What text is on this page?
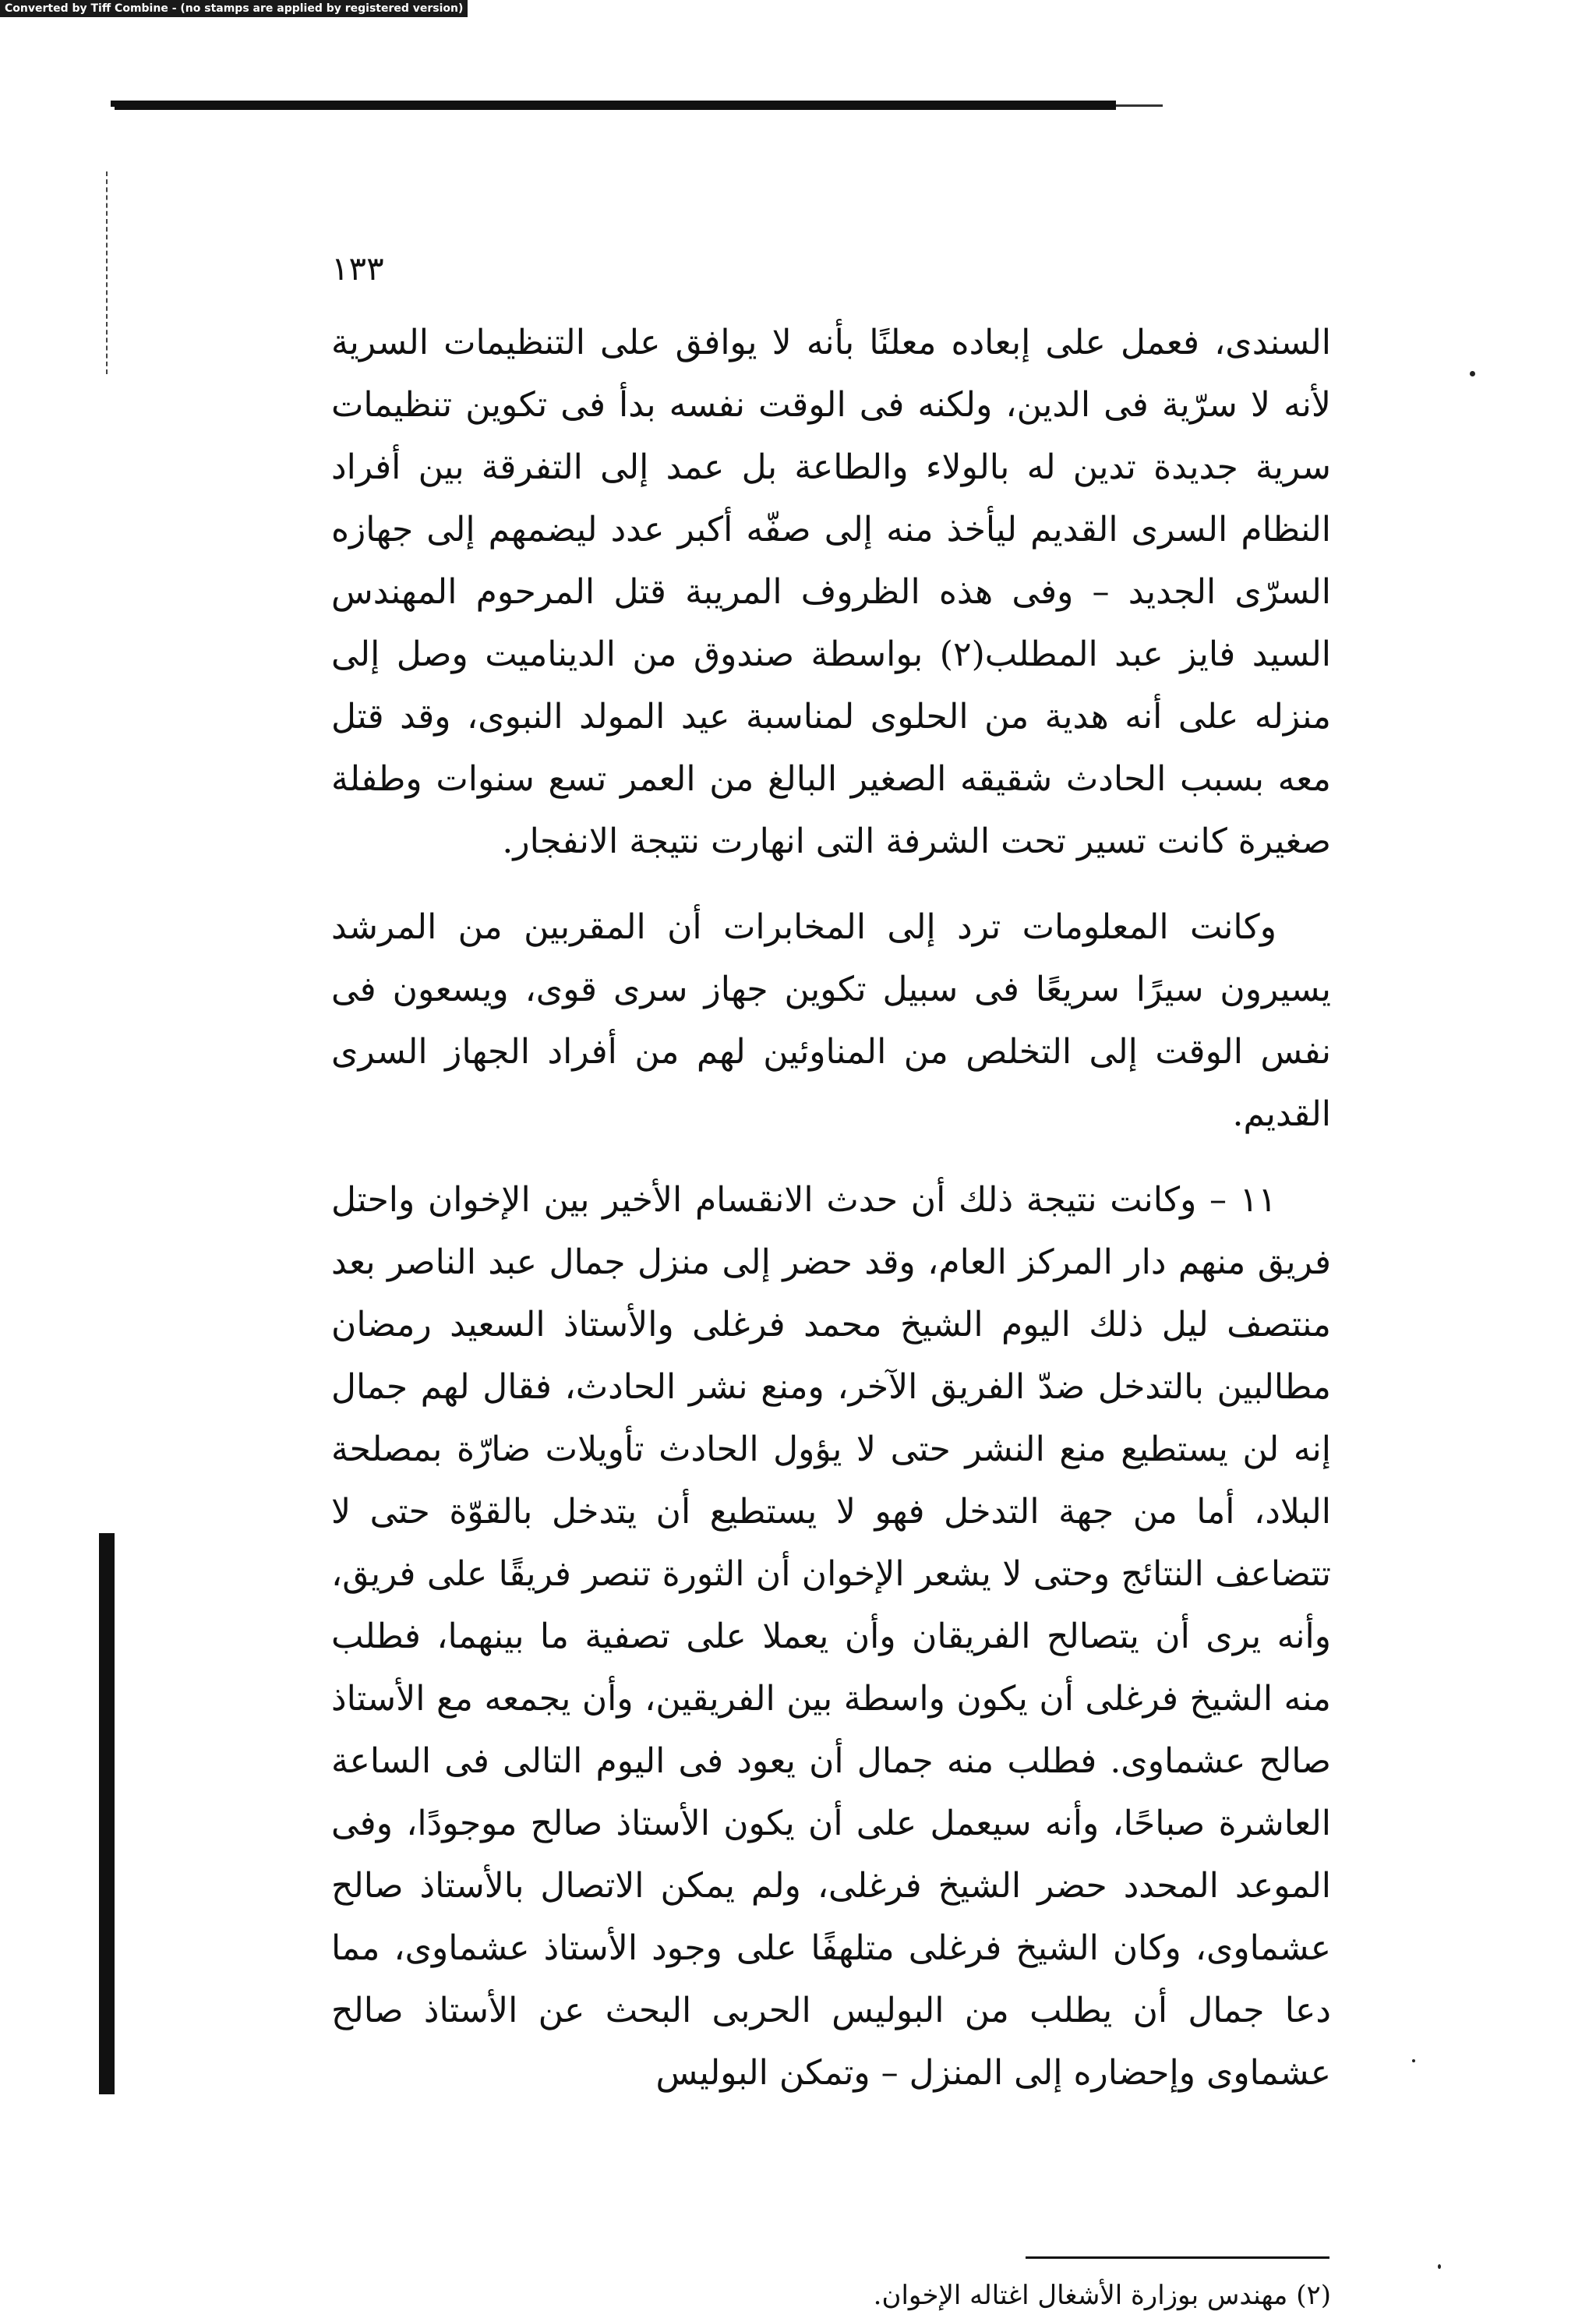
Converted by Tiff Combine - (no stamps are applied by registered version)
١٣٣

السندى، فعمل على إبعاده معلنًا بأنه لا يوافق على التنظيمات السرية لأنه لا سرّية فى الدين، ولكنه فى الوقت نفسه بدأ فى تكوين تنظيمات سرية جديدة تدين له بالولاء والطاعة بل عمد إلى التفرقة بين أفراد النظام السرى القديم ليأخذ منه إلى صفّه أكبر عدد ليضمهم إلى جهازه السرّى الجديد – وفى هذه الظروف المريبة قتل المرحوم المهندس السيد فايز عبد المطلب(٢) بواسطة صندوق من الديناميت وصل إلى منزله على أنه هدية من الحلوى لمناسبة عيد المولد النبوى، وقد قتل معه بسبب الحادث شقيقه الصغير البالغ من العمر تسع سنوات وطفلة صغيرة كانت تسير تحت الشرفة التى انهارت نتيجة الانفجار.

وكانت المعلومات ترد إلى المخابرات أن المقربين من المرشد يسيرون سيرًا سريعًا فى سبيل تكوين جهاز سرى قوى، ويسعون فى نفس الوقت إلى التخلص من المناوئين لهم من أفراد الجهاز السرى القديم.

١١ – وكانت نتيجة ذلك أن حدث الانقسام الأخير بين الإخوان واحتل فريق منهم دار المركز العام، وقد حضر إلى منزل جمال عبد الناصر بعد منتصف ليل ذلك اليوم الشيخ محمد فرغلى والأستاذ السعيد رمضان مطالبين بالتدخل ضدّ الفريق الآخر، ومنع نشر الحادث، فقال لهم جمال إنه لن يستطيع منع النشر حتى لا يؤول الحادث تأويلات ضارّة بمصلحة البلاد، أما من جهة التدخل فهو لا يستطيع أن يتدخل بالقوّة حتى لا تتضاعف النتائج وحتى لا يشعر الإخوان أن الثورة تنصر فريقًا على فريق، وأنه يرى أن يتصالح الفريقان وأن يعملا على تصفية ما بينهما، فطلب منه الشيخ فرغلى أن يكون واسطة بين الفريقين، وأن يجمعه مع الأستاذ صالح عشماوى. فطلب منه جمال أن يعود فى اليوم التالى فى الساعة العاشرة صباحًا، وأنه سيعمل على أن يكون الأستاذ صالح موجودًا، وفى الموعد المحدد حضر الشيخ فرغلى، ولم يمكن الاتصال بالأستاذ صالح عشماوى، وكان الشيخ فرغلى متلهفًا على وجود الأستاذ عشماوى، مما دعا جمال أن يطلب من البوليس الحربى البحث عن الأستاذ صالح عشماوى وإحضاره إلى المنزل – وتمكن البوليس

(٢) مهندس بوزارة الأشغال اغتاله الإخوان.
